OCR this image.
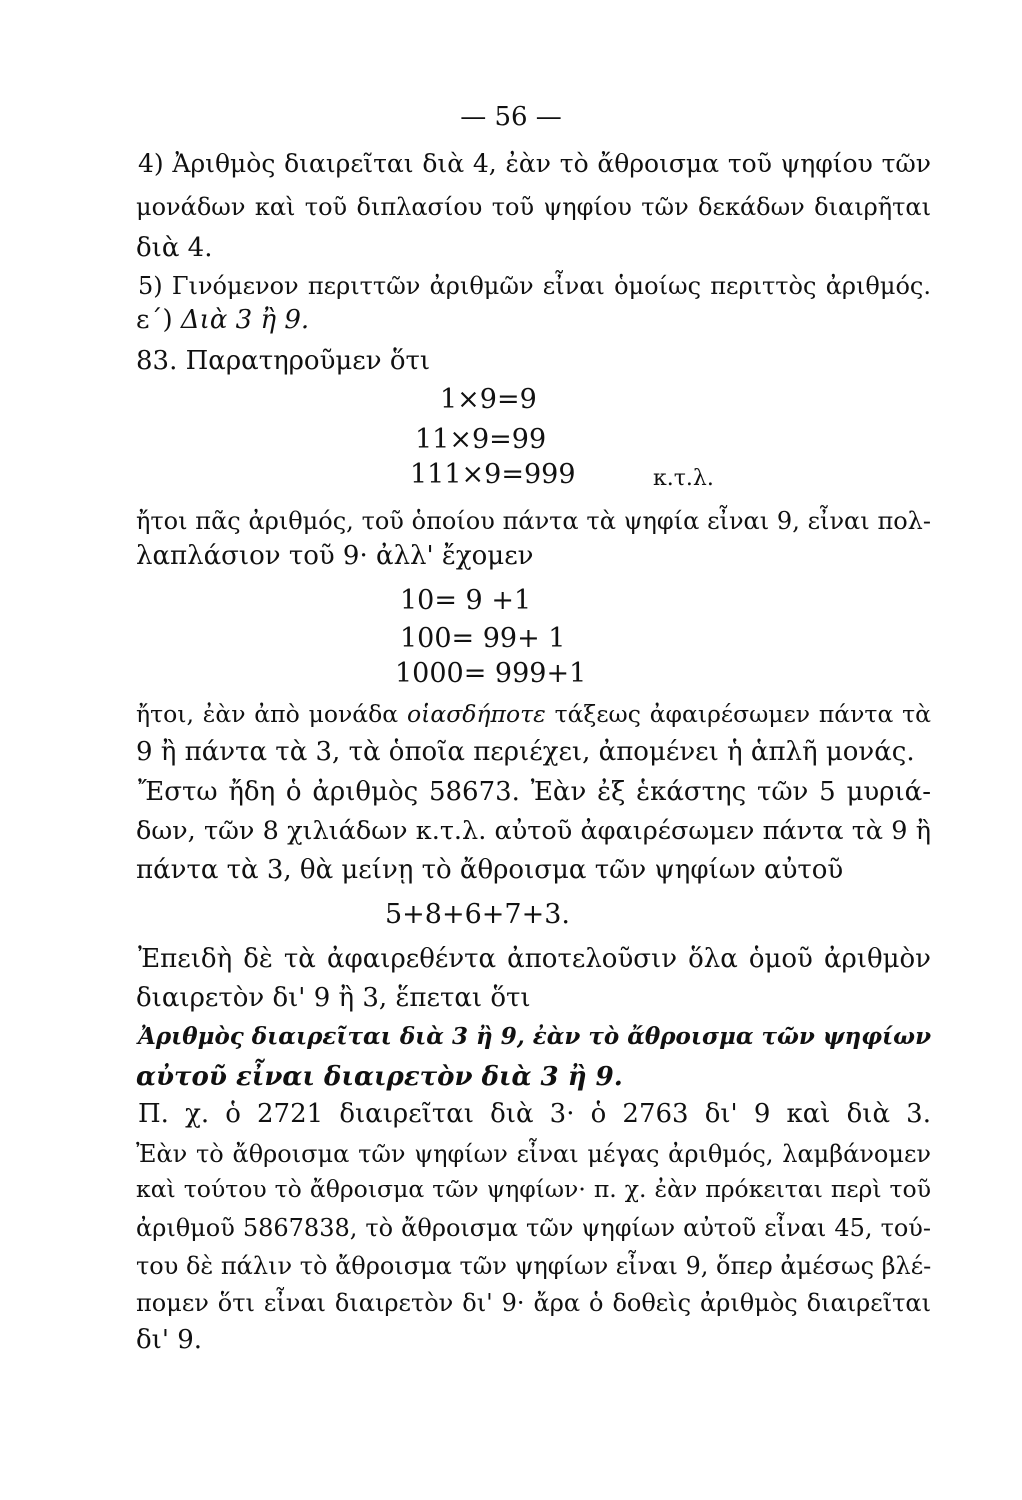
— 56 —
4) Ἀριθμὸς διαιρεῖται διὰ 4, ἐὰν τὸ ἄθροισμα τοῦ ψηφίου τῶν
μονάδων καὶ τοῦ διπλασίου τοῦ ψηφίου τῶν δεκάδων διαιρῆται
διὰ 4.
5) Γινόμενον περιττῶν ἀριθμῶν εἶναι ὁμοίως περιττὸς ἀριθμός.
ε΄) Διὰ 3 ἢ 9.
83. Παρατηροῦμεν ὅτι
1×9=9
11×9=99
111×9=999	κ.τ.λ.
ἤτοι πᾶς ἀριθμός, τοῦ ὁποίου πάντα τὰ ψηφία εἶναι 9, εἶναι πολ-
λαπλάσιον τοῦ 9· ἀλλ' ἔχομεν
10= 9 +1
100= 99+ 1
1000= 999+1
ἤτοι, ἐὰν ἀπὸ μονάδα οἱασδήποτε τάξεως ἀφαιρέσωμεν πάντα τὰ
9 ἢ πάντα τὰ 3, τὰ ὁποῖα περιέχει, ἀπομένει ἡ ἁπλῆ μονάς.
Ἔστω ἤδη ὁ ἀριθμὸς 58673. Ἐὰν ἐξ ἑκάστης τῶν 5 μυριά-
δων, τῶν 8 χιλιάδων κ.τ.λ. αὐτοῦ ἀφαιρέσωμεν πάντα τὰ 9 ἢ
πάντα τὰ 3, θὰ μείνῃ τὸ ἄθροισμα τῶν ψηφίων αὐτοῦ
5+8+6+7+3.
Ἐπειδὴ δὲ τὰ ἀφαιρεθέντα ἀποτελοῦσιν ὅλα ὁμοῦ ἀριθμὸν
διαιρετὸν δι' 9 ἢ 3, ἕπεται ὅτι
Ἀριθμὸς διαιρεῖται διὰ 3 ἢ 9, ἐὰν τὸ ἄθροισμα τῶν ψηφίων
αὐτοῦ εἶναι διαιρετὸν διὰ 3 ἢ 9.
Π. χ. ὁ 2721 διαιρεῖται διὰ 3· ὁ 2763 δι' 9 καὶ διὰ 3.
Ἐὰν τὸ ἄθροισμα τῶν ψηφίων εἶναι μέγας ἀριθμός, λαμβάνομεν
καὶ τούτου τὸ ἄθροισμα τῶν ψηφίων· π. χ. ἐὰν πρόκειται περὶ τοῦ
ἀριθμοῦ 5867838, τὸ ἄθροισμα τῶν ψηφίων αὐτοῦ εἶναι 45, τού-
του δὲ πάλιν τὸ ἄθροισμα τῶν ψηφίων εἶναι 9, ὅπερ ἀμέσως βλέ-
πομεν ὅτι εἶναι διαιρετὸν δι' 9· ἄρα ὁ δοθεὶς ἀριθμὸς διαιρεῖται
δι' 9.
